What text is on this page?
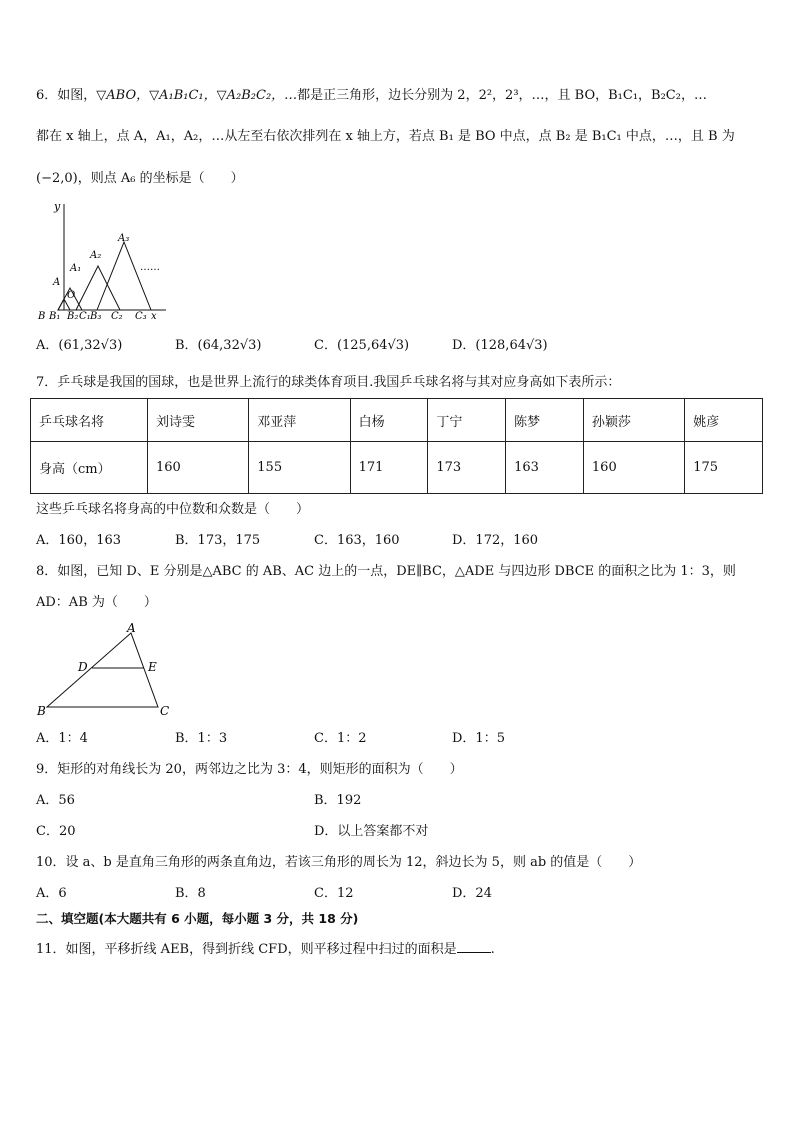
6．如图，▽ABO，▽A₁B₁C₁，▽A₂B₂C₂，…都是正三角形，边长分别为 2，2²，2³，…，且 BO，B₁C₁，B₂C₂，…
都在 x 轴上，点 A，A₁，A₂，…从左至右依次排列在 x 轴上方，若点 B₁ 是 BO 中点，点 B₂ 是 B₁C₁ 中点，…，且 B 为
(−2,0)，则点 A₆ 的坐标是（　　）
y
A
A₁
A₂
A₃
O
……
B B₁ B₂ C₁ B₃ C₂ C₃ x
A．(61,32√3)	B．(64,32√3)	C．(125,64√3)	D．(128,64√3)
7．乒乓球是我国的国球，也是世界上流行的球类体育项目.我国乒乓球名将与其对应身高如下表所示：
乒乓球名将	刘诗雯	邓亚萍	白杨	丁宁	陈梦	孙颖莎	姚彦
身高（cm）	160	155	171	173	163	160	175
这些乒乓球名将身高的中位数和众数是（　　）
A．160，163	B．173，175	C．163，160	D．172，160
8．如图，已知 D、E 分别是△ABC 的 AB、AC 边上的一点，DE∥BC，△ADE 与四边形 DBCE 的面积之比为 1：3，则
AD：AB 为（　　）
A
D	E
B	C
A．1：4	B．1：3	C．1：2	D．1：5
9．矩形的对角线长为 20，两邻边之比为 3：4，则矩形的面积为（　　）
A．56	B．192
C．20	D．以上答案都不对
10．设 a、b 是直角三角形的两条直角边，若该三角形的周长为 12，斜边长为 5，则 ab 的值是（　　）
A．6	B．8	C．12	D．24
二、填空题(本大题共有 6 小题，每小题 3 分，共 18 分)
11．如图，平移折线 AEB，得到折线 CFD，则平移过程中扫过的面积是	.
